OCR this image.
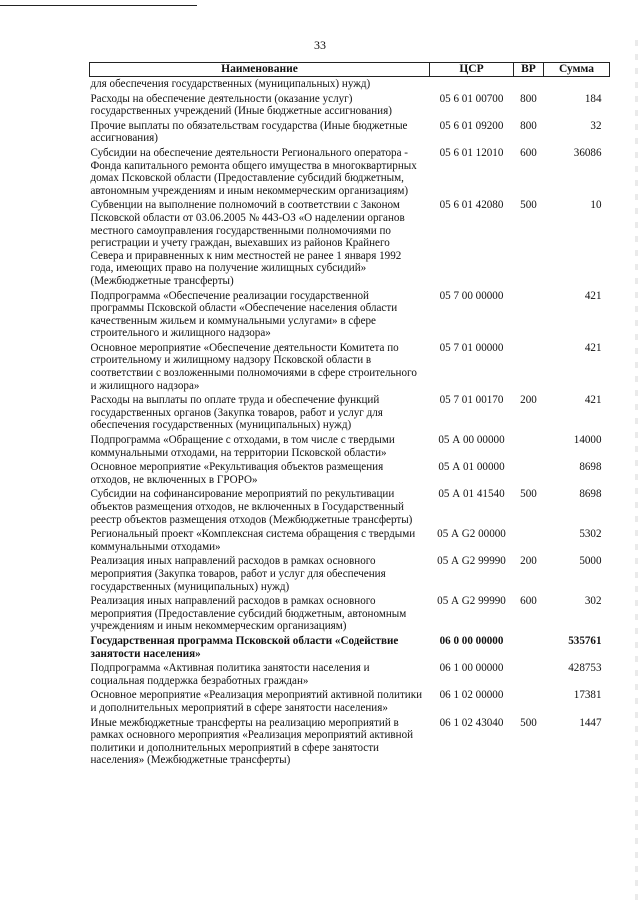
33
Наименование	ЦСР	ВР	Сумма
для обеспечения государственных (муниципальных) нужд)			
Расходы на обеспечение деятельности (оказание услуг) государственных учреждений (Иные бюджетные ассигнования)	05 6 01 00700	800	184
Прочие выплаты по обязательствам государства (Иные бюджетные ассигнования)	05 6 01 09200	800	32
Субсидии на обеспечение деятельности Регионального оператора - Фонда капитального ремонта общего имущества в многоквартирных домах Псковской области (Предоставление субсидий бюджетным, автономным учреждениям и иным некоммерческим организациям)	05 6 01 12010	600	36086
Субвенции на выполнение полномочий в соответствии с Законом Псковской области от 03.06.2005 № 443-ОЗ «О наделении органов местного самоуправления государственными полномочиями по регистрации и учету граждан, выехавших из районов Крайнего Севера и приравненных к ним местностей не ранее 1 января 1992 года, имеющих право на получение жилищных субсидий» (Межбюджетные трансферты)	05 6 01 42080	500	10
Подпрограмма «Обеспечение реализации государственной программы Псковской области «Обеспечение населения области качественным жильем и коммунальными услугами» в сфере строительного и жилищного надзора»	05 7 00 00000		421
Основное мероприятие «Обеспечение деятельности Комитета по строительному и жилищному надзору Псковской области в соответствии с возложенными полномочиями в сфере строительного и жилищного надзора»	05 7 01 00000		421
Расходы на выплаты по оплате труда и обеспечение функций государственных органов (Закупка товаров, работ и услуг для обеспечения государственных (муниципальных) нужд)	05 7 01 00170	200	421
Подпрограмма «Обращение с отходами, в том числе с твердыми коммунальными отходами, на территории Псковской области»	05 А 00 00000		14000
Основное мероприятие «Рекультивация объектов размещения отходов, не включенных в ГРОРО»	05 А 01 00000		8698
Субсидии на софинансирование мероприятий по рекультивации объектов размещения отходов, не включенных в Государственный реестр объектов размещения отходов (Межбюджетные трансферты)	05 А 01 41540	500	8698
Региональный проект «Комплексная система обращения с твердыми коммунальными отходами»	05 А G2 00000		5302
Реализация иных направлений расходов в рамках основного мероприятия (Закупка товаров, работ и услуг для обеспечения государственных (муниципальных) нужд)	05 А G2 99990	200	5000
Реализация иных направлений расходов в рамках основного мероприятия (Предоставление субсидий бюджетным, автономным учреждениям и иным некоммерческим организациям)	05 А G2 99990	600	302
Государственная программа Псковской области «Содействие занятости населения»	06 0 00 00000		535761
Подпрограмма «Активная политика занятости населения и социальная поддержка безработных граждан»	06 1 00 00000		428753
Основное мероприятие «Реализация мероприятий активной политики и дополнительных мероприятий в сфере занятости населения»	06 1 02 00000		17381
Иные межбюджетные трансферты на реализацию мероприятий в рамках основного мероприятия «Реализация мероприятий активной политики и дополнительных мероприятий в сфере занятости населения» (Межбюджетные трансферты)	06 1 02 43040	500	1447
